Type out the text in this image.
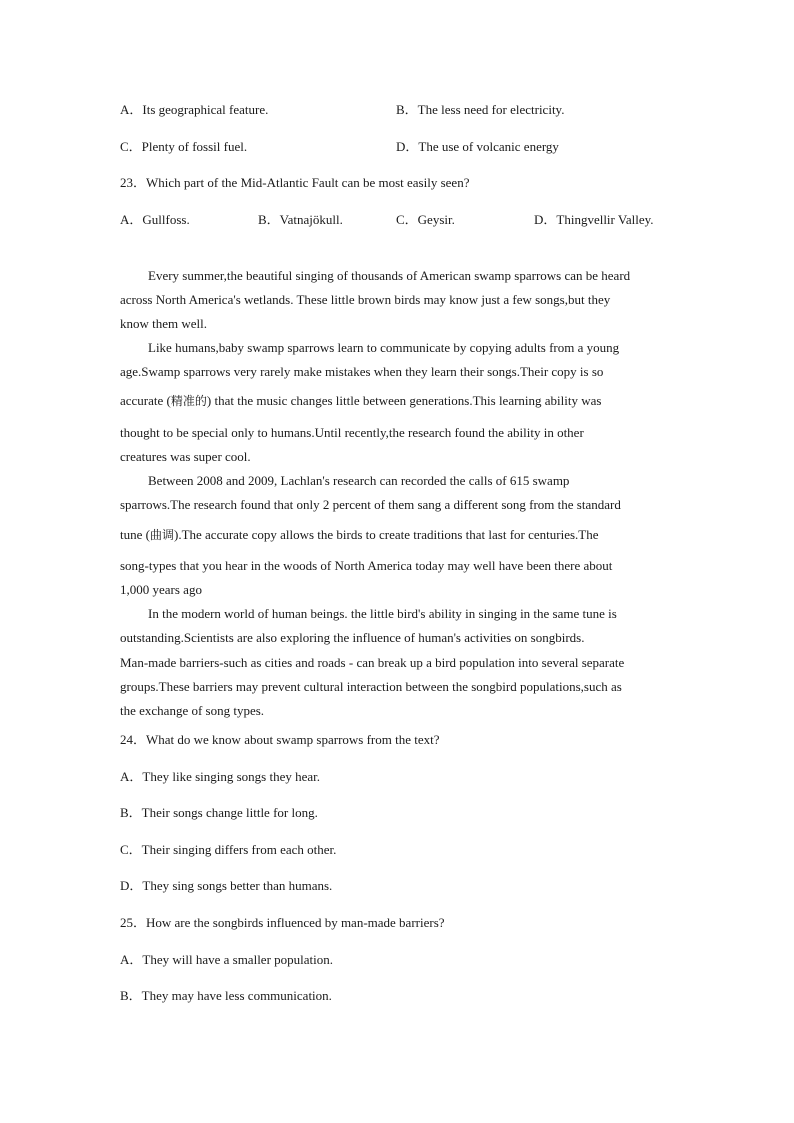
A．Its geographical feature.	B．The less need for electricity.
C．Plenty of fossil fuel.	D．The use of volcanic energy
23．Which part of the Mid-Atlantic Fault can be most easily seen?
A．Gullfoss.	B．Vatnajökull.	C．Geysir.	D．Thingvellir Valley.
Every summer,the beautiful singing of thousands of American swamp sparrows can be heard
across North America's wetlands. These little brown birds may know just a few songs,but they
know them well.
Like humans,baby swamp sparrows learn to communicate by copying adults from a young
age.Swamp sparrows very rarely make mistakes when they learn their songs.Their copy is so
accurate (精准的) that the music changes little between generations.This learning ability was
thought to be special only to humans.Until recently,the research found the ability in other
creatures was super cool.
Between 2008 and 2009, Lachlan's research can recorded the calls of 615 swamp
sparrows.The research found that only 2 percent of them sang a different song from the standard
tune (曲调).The accurate copy allows the birds to create traditions that last for centuries.The
song-types that you hear in the woods of North America today may well have been there about
1,000 years ago
In the modern world of human beings. the little bird's ability in singing in the same tune is
outstanding.Scientists are also exploring the influence of human's activities on songbirds.
Man-made barriers-such as cities and roads - can break up a bird population into several separate
groups.These barriers may prevent cultural interaction between the songbird populations,such as
the exchange of song types.
24．What do we know about swamp sparrows from the text?
A．They like singing songs they hear.
B．Their songs change little for long.
C．Their singing differs from each other.
D．They sing songs better than humans.
25．How are the songbirds influenced by man-made barriers?
A．They will have a smaller population.
B．They may have less communication.
